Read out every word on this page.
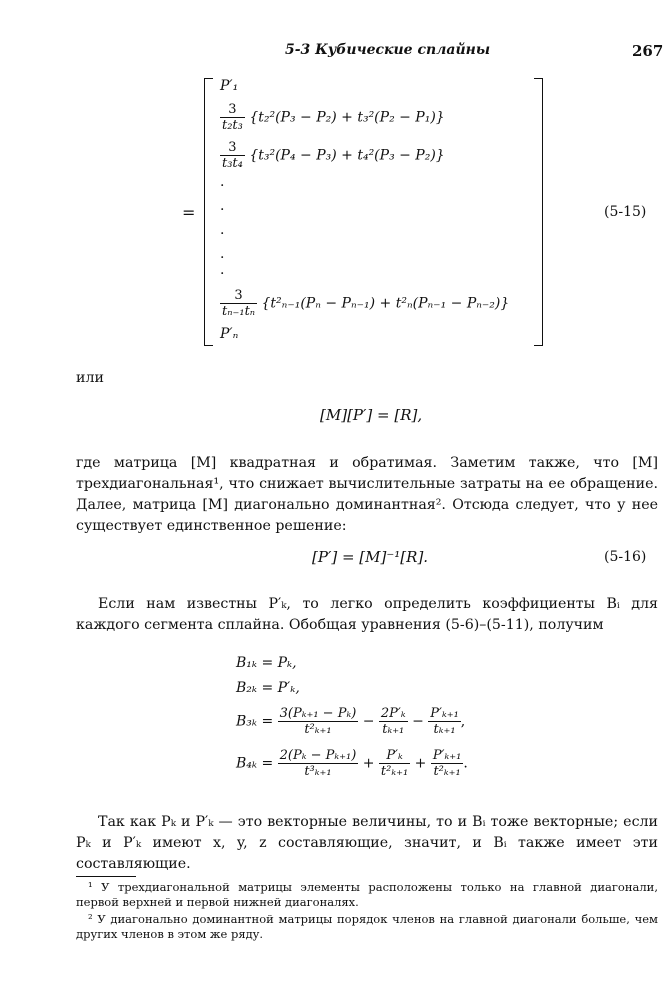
5-3 Кубические сплайны	267
=
P′₁
$\frac{3}{\text{t₂t₃}} \{t_2^2(P_3 - P_2) + t_3^2(P_2 - P_1)\}$
$\frac{3}{\text{t₃t₄}} \{t_3^2(P_4 - P_3) + t_4^2(P_3 - P_2)\}$
·
·
·
·
·
$\frac{3}{\text{tₙ₋₁tₙ}} \{t^2_{n-1}(P_n - P_{n-1}) + t^2_n(P_{n-1} - P_{n-2})\}$
P′ₙ
(5-15)
или
[M][P′] = [R],
где матрица [M] квадратная и обратимая. Заметим также, что [M] трехдиагональная¹, что снижает вычислительные затраты на ее обращение. Далее, матрица [M] диагонально доминантная². Отсюда следует, что у нее существует единственное решение:
[P′] = [M]⁻¹[R].	(5-16)
Если нам известны P′ₖ, то легко определить коэффициенты Bᵢ для каждого сегмента сплайна. Обобщая уравнения (5-6)–(5-11), получим
B₁ₖ = Pₖ,
B₂ₖ = P′ₖ,
$B_{3k} = \frac{\text{3(Pₖ₊₁ − Pₖ)}}{\text{t²ₖ₊₁}} - \frac{\text{2P′ₖ}}{\text{tₖ₊₁}} - \frac{\text{P′ₖ₊₁}}{\text{tₖ₊₁}}$ ,
$B_{4k} = \frac{\text{2(Pₖ − Pₖ₊₁)}}{\text{t³ₖ₊₁}} + \frac{\text{P′ₖ}}{\text{t²ₖ₊₁}} + \frac{\text{P′ₖ₊₁}}{\text{t²ₖ₊₁}}$ .
Так как Pₖ и P′ₖ — это векторные величины, то и Bᵢ тоже векторные; если Pₖ и P′ₖ имеют x, y, z составляющие, значит, и Bᵢ также имеет эти составляющие.
¹ У трехдиагональной матрицы элементы расположены только на главной диагонали, первой верхней и первой нижней диагоналях.
² У диагонально доминантной матрицы порядок членов на главной диагонали больше, чем других членов в этом же ряду.
